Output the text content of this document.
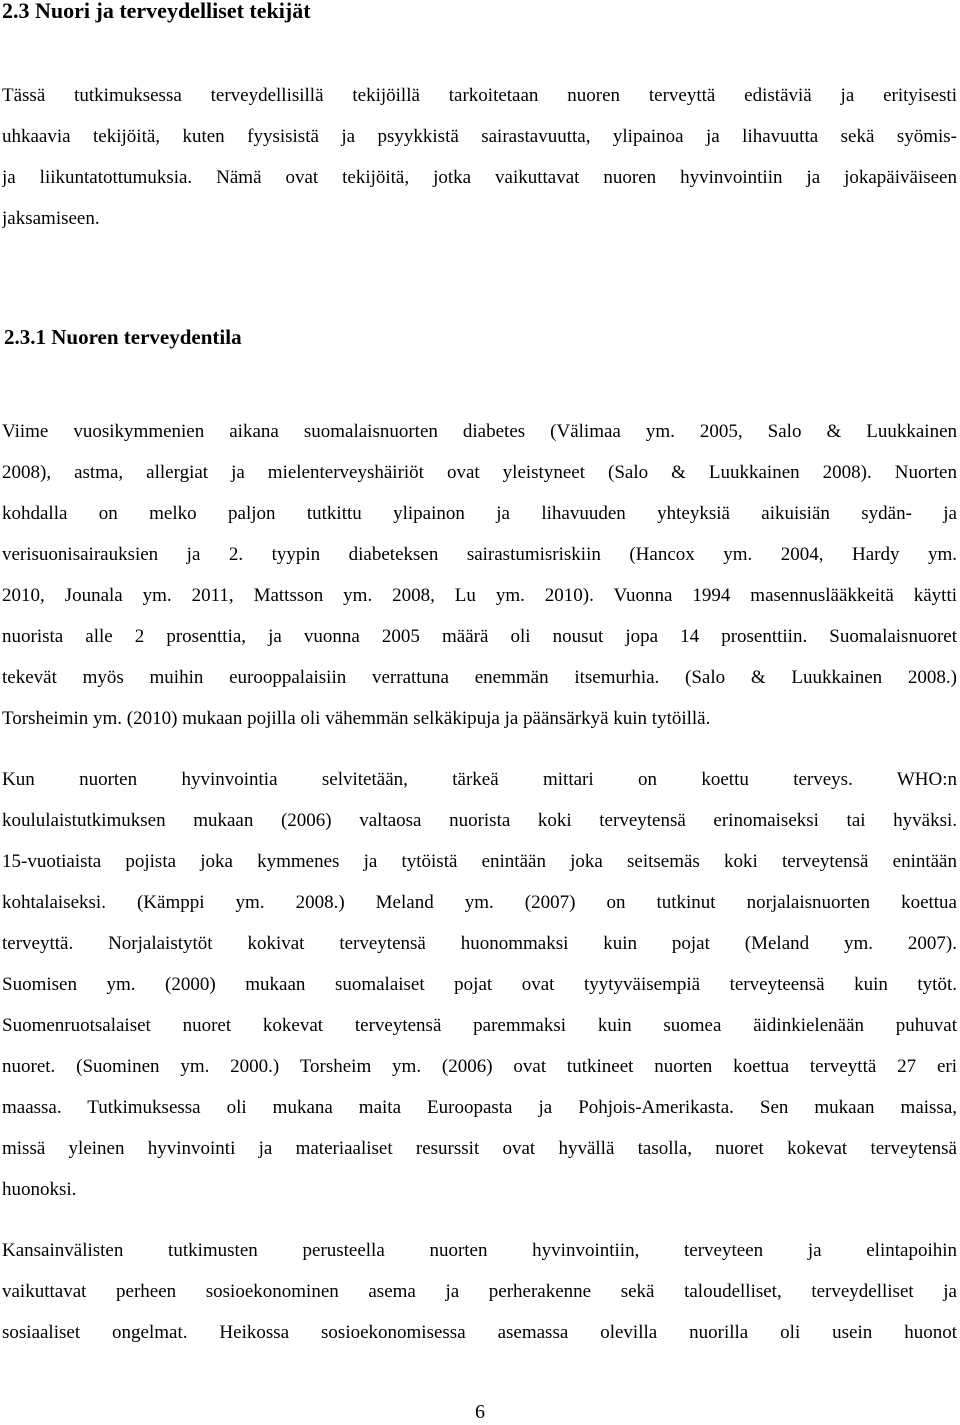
2.3 Nuori ja terveydelliset tekijät
Tässä tutkimuksessa terveydellisillä tekijöillä tarkoitetaan nuoren terveyttä edistäviä ja erityisesti
uhkaavia tekijöitä, kuten fyysisistä ja psyykkistä sairastavuutta, ylipainoa ja lihavuutta sekä syömis-
ja liikuntatottumuksia. Nämä ovat tekijöitä, jotka vaikuttavat nuoren hyvinvointiin ja jokapäiväiseen
jaksamiseen.
2.3.1 Nuoren terveydentila
Viime vuosikymmenien aikana suomalaisnuorten diabetes (Välimaa ym. 2005, Salo & Luukkainen
2008), astma, allergiat ja mielenterveyshäiriöt ovat yleistyneet (Salo & Luukkainen 2008). Nuorten
kohdalla on melko paljon tutkittu ylipainon ja lihavuuden yhteyksiä aikuisiän sydän- ja
verisuonisairauksien ja 2. tyypin diabeteksen sairastumisriskiin (Hancox ym. 2004, Hardy ym.
2010, Jounala ym. 2011, Mattsson ym. 2008, Lu ym. 2010). Vuonna 1994 masennuslääkkeitä käytti
nuorista alle 2 prosenttia, ja vuonna 2005 määrä oli nousut jopa 14 prosenttiin. Suomalaisnuoret
tekevät myös muihin eurooppalaisiin verrattuna enemmän itsemurhia. (Salo & Luukkainen 2008.)
Torsheimin ym. (2010) mukaan pojilla oli vähemmän selkäkipuja ja päänsärkyä kuin tytöillä.
Kun nuorten hyvinvointia selvitetään, tärkeä mittari on koettu terveys. WHO:n
koululaistutkimuksen mukaan (2006) valtaosa nuorista koki terveytensä erinomaiseksi tai hyväksi.
15-vuotiaista pojista joka kymmenes ja tytöistä enintään joka seitsemäs koki terveytensä enintään
kohtalaiseksi. (Kämppi ym. 2008.) Meland ym. (2007) on tutkinut norjalaisnuorten koettua
terveyttä. Norjalaistytöt kokivat terveytensä huonommaksi kuin pojat (Meland ym. 2007).
Suomisen ym. (2000) mukaan suomalaiset pojat ovat tyytyväisempiä terveyteensä kuin tytöt.
Suomenruotsalaiset nuoret kokevat terveytensä paremmaksi kuin suomea äidinkielenään puhuvat
nuoret. (Suominen ym. 2000.) Torsheim ym. (2006) ovat tutkineet nuorten koettua terveyttä 27 eri
maassa. Tutkimuksessa oli mukana maita Euroopasta ja Pohjois-Amerikasta. Sen mukaan maissa,
missä yleinen hyvinvointi ja materiaaliset resurssit ovat hyvällä tasolla, nuoret kokevat terveytensä
huonoksi.
Kansainvälisten tutkimusten perusteella nuorten hyvinvointiin, terveyteen ja elintapoihin
vaikuttavat perheen sosioekonominen asema ja perherakenne sekä taloudelliset, terveydelliset ja
sosiaaliset ongelmat. Heikossa sosioekonomisessa asemassa olevilla nuorilla oli usein huonot
6
